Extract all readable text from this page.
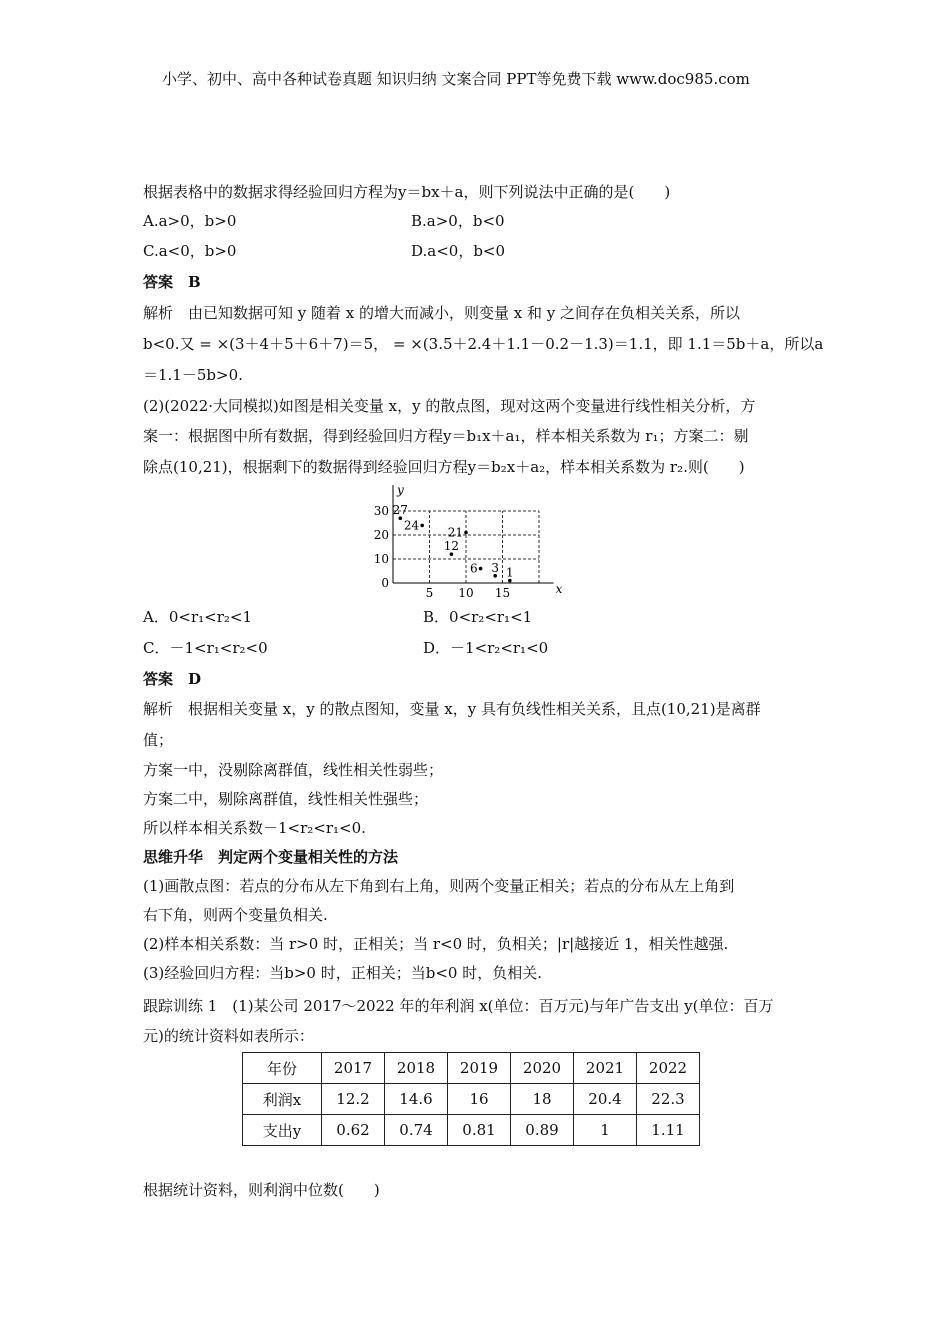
小学、初中、高中各种试卷真题 知识归纳 文案合同 PPT等免费下载 www.doc985.com
根据表格中的数据求得经验回归方程为y＝bx＋a，则下列说法中正确的是(　　)
A.a>0，b>0	B.a>0，b<0
C.a<0，b>0	D.a<0，b<0
答案　B
解析　由已知数据可知 y 随着 x 的增大而减小，则变量 x 和 y 之间存在负相关关系，所以
b<0.又 = ×(3＋4＋5＋6＋7)＝5， = ×(3.5＋2.4＋1.1－0.2－1.3)＝1.1，即 1.1＝5b＋a，所以a
＝1.1－5b>0.
(2)(2022·大同模拟)如图是相关变量 x，y 的散点图，现对这两个变量进行线性相关分析，方
案一：根据图中所有数据，得到经验回归方程y＝b₁x＋a₁，样本相关系数为 r₁；方案二：剔
除点(10,21)，根据剩下的数据得到经验回归方程y＝b₂x＋a₂，样本相关系数为 r₂.则(　　)
A．0<r₁<r₂<1	B．0<r₂<r₁<1
C．－1<r₁<r₂<0	D．－1<r₂<r₁<0
答案　D
解析　根据相关变量 x，y 的散点图知，变量 x，y 具有负线性相关关系，且点(10,21)是离群
值；
方案一中，没剔除离群值，线性相关性弱些；
方案二中，剔除离群值，线性相关性强些；
所以样本相关系数－1<r₂<r₁<0.
思维升华　判定两个变量相关性的方法
(1)画散点图：若点的分布从左下角到右上角，则两个变量正相关；若点的分布从左上角到
右下角，则两个变量负相关.
(2)样本相关系数：当 r>0 时，正相关；当 r<0 时，负相关；|r|越接近 1，相关性越强.
(3)经验回归方程：当b>0 时，正相关；当b<0 时，负相关.
跟踪训练 1　(1)某公司 2017～2022 年的年利润 x(单位：百万元)与年广告支出 y(单位：百万
元)的统计资料如表所示：
根据统计资料，则利润中位数(　　)
x
y
5 10 15
0
10
20
30 27
24
21
12
6 3 1
年份	2017	2018	2019	2020	2021	2022
利润x	12.2	14.6	16	18	20.4	22.3
支出y	0.62	0.74	0.81	0.89	1	1.11
